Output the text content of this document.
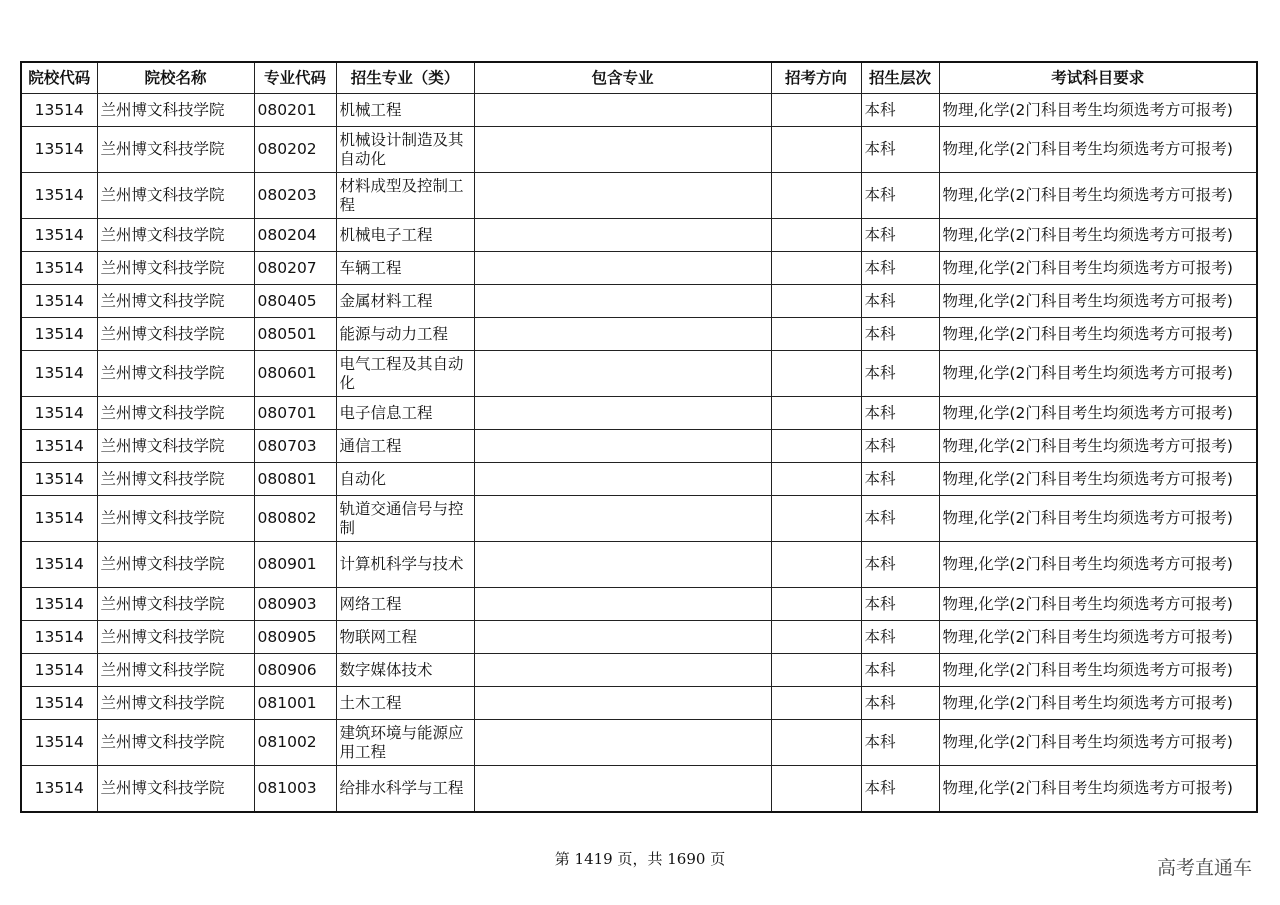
院校代码	院校名称	专业代码	招生专业（类）	包含专业	招考方向	招生层次	考试科目要求
13514	兰州博文科技学院	080201	机械工程			本科	物理,化学(2门科目考生均须选考方可报考)
13514	兰州博文科技学院	080202	机械设计制造及其自动化			本科	物理,化学(2门科目考生均须选考方可报考)
13514	兰州博文科技学院	080203	材料成型及控制工程			本科	物理,化学(2门科目考生均须选考方可报考)
13514	兰州博文科技学院	080204	机械电子工程			本科	物理,化学(2门科目考生均须选考方可报考)
13514	兰州博文科技学院	080207	车辆工程			本科	物理,化学(2门科目考生均须选考方可报考)
13514	兰州博文科技学院	080405	金属材料工程			本科	物理,化学(2门科目考生均须选考方可报考)
13514	兰州博文科技学院	080501	能源与动力工程			本科	物理,化学(2门科目考生均须选考方可报考)
13514	兰州博文科技学院	080601	电气工程及其自动化			本科	物理,化学(2门科目考生均须选考方可报考)
13514	兰州博文科技学院	080701	电子信息工程			本科	物理,化学(2门科目考生均须选考方可报考)
13514	兰州博文科技学院	080703	通信工程			本科	物理,化学(2门科目考生均须选考方可报考)
13514	兰州博文科技学院	080801	自动化			本科	物理,化学(2门科目考生均须选考方可报考)
13514	兰州博文科技学院	080802	轨道交通信号与控制			本科	物理,化学(2门科目考生均须选考方可报考)
13514	兰州博文科技学院	080901	计算机科学与技术			本科	物理,化学(2门科目考生均须选考方可报考)
13514	兰州博文科技学院	080903	网络工程			本科	物理,化学(2门科目考生均须选考方可报考)
13514	兰州博文科技学院	080905	物联网工程			本科	物理,化学(2门科目考生均须选考方可报考)
13514	兰州博文科技学院	080906	数字媒体技术			本科	物理,化学(2门科目考生均须选考方可报考)
13514	兰州博文科技学院	081001	土木工程			本科	物理,化学(2门科目考生均须选考方可报考)
13514	兰州博文科技学院	081002	建筑环境与能源应用工程			本科	物理,化学(2门科目考生均须选考方可报考)
13514	兰州博文科技学院	081003	给排水科学与工程			本科	物理,化学(2门科目考生均须选考方可报考)
第 1419 页，共 1690 页	高考直通车
